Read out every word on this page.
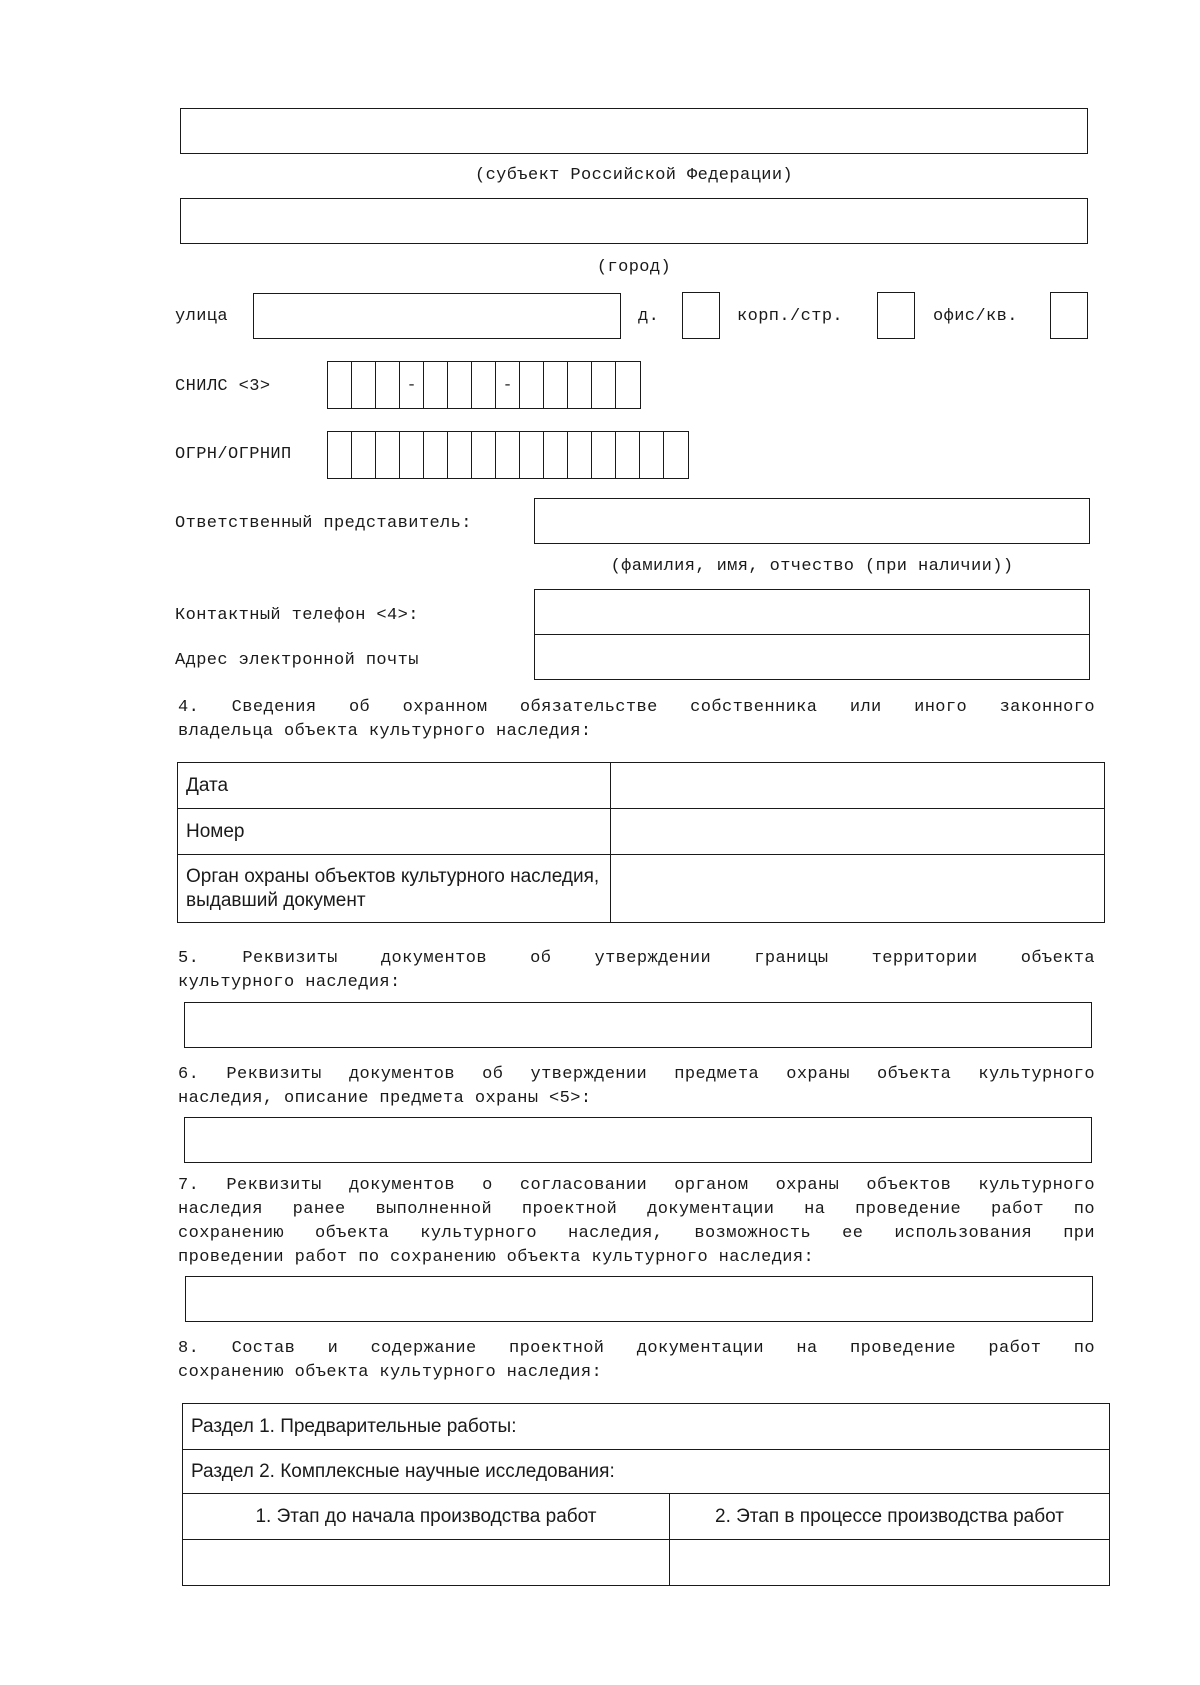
(субъект Российской Федерации)
(город)
улица	д.	корп./стр.	офис/кв.
СНИЛС <3>	-	-
ОГРН/ОГРНИП
Ответственный представитель:
(фамилия, имя, отчество (при наличии))
Контактный телефон <4>:
Адрес электронной почты
4. Сведения об охранном обязательстве собственника или иного законного
владельца объекта культурного наследия:
Дата	
Номер	
Орган охраны объектов культурного наследия, выдавший документ	
5. Реквизиты документов об утверждении границы территории объекта
культурного наследия:
6. Реквизиты документов об утверждении предмета охраны объекта культурного
наследия, описание предмета охраны <5>:
7. Реквизиты документов о согласовании органом охраны объектов культурного
наследия ранее выполненной проектной документации на проведение работ по
сохранению объекта культурного наследия, возможность ее использования при
проведении работ по сохранению объекта культурного наследия:
8. Состав и содержание проектной документации на проведение работ по
сохранению объекта культурного наследия:
Раздел 1. Предварительные работы:	
Раздел 2. Комплексные научные исследования:	
1. Этап до начала производства работ	2. Этап в процессе производства работ
